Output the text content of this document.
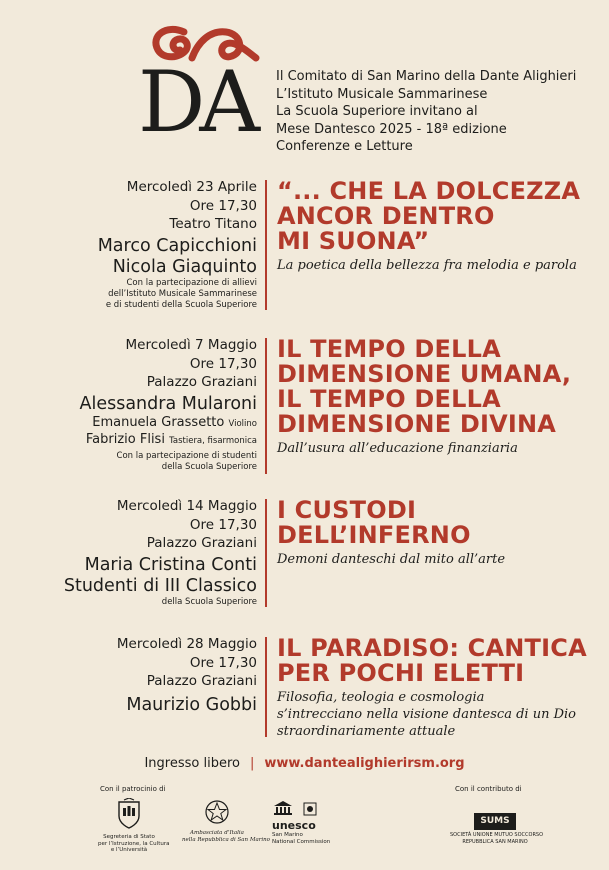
DA Il Comitato di San Marino della Dante Alighieri
L’Istituto Musicale Sammarinese
La Scuola Superiore invitano al
Mese Dantesco 2025 - 18ª edizione
Conferenze e Letture
Mercoledì 23 Aprile
Ore 17,30
Teatro Titano
Marco Capicchioni
Nicola Giaquinto
Con la partecipazione di allievi
dell’Istituto Musicale Sammarinese
e di studenti della Scuola Superiore
“... CHE LA DOLCEZZA
ANCOR DENTRO
MI SUONA”
La poetica della bellezza fra melodia e parola
Mercoledì 7 Maggio
Ore 17,30
Palazzo Graziani
Alessandra Mularoni
Emanuela Grassetto Violino
Fabrizio Flisi Tastiera, fisarmonica
Con la partecipazione di studenti
della Scuola Superiore
IL TEMPO DELLA
DIMENSIONE UMANA,
IL TEMPO DELLA
DIMENSIONE DIVINA
Dall’usura all’educazione finanziaria
Mercoledì 14 Maggio
Ore 17,30
Palazzo Graziani
Maria Cristina Conti
Studenti di III Classico
della Scuola Superiore
I CUSTODI
DELL’INFERNO
Demoni danteschi dal mito all’arte
Mercoledì 28 Maggio
Ore 17,30
Palazzo Graziani
Maurizio Gobbi
IL PARADISO: CANTICA
PER POCHI ELETTI
Filosofia, teologia e cosmologia
s’intrecciano nella visione dantesca di un Dio
straordinariamente attuale
Ingresso libero | www.dantealighierirsm.org
Con il patrocinio di	Con il contributo di
Segreteria di Stato
per l’Istruzione, la Cultura
e l’Università
Ambasciata d’Italia
nella Repubblica di San Marino

unesco
San Marino
National Commission
SUMS
SOCIETÀ UNIONE MUTUO SOCCORSO
REPUBBLICA SAN MARINO
